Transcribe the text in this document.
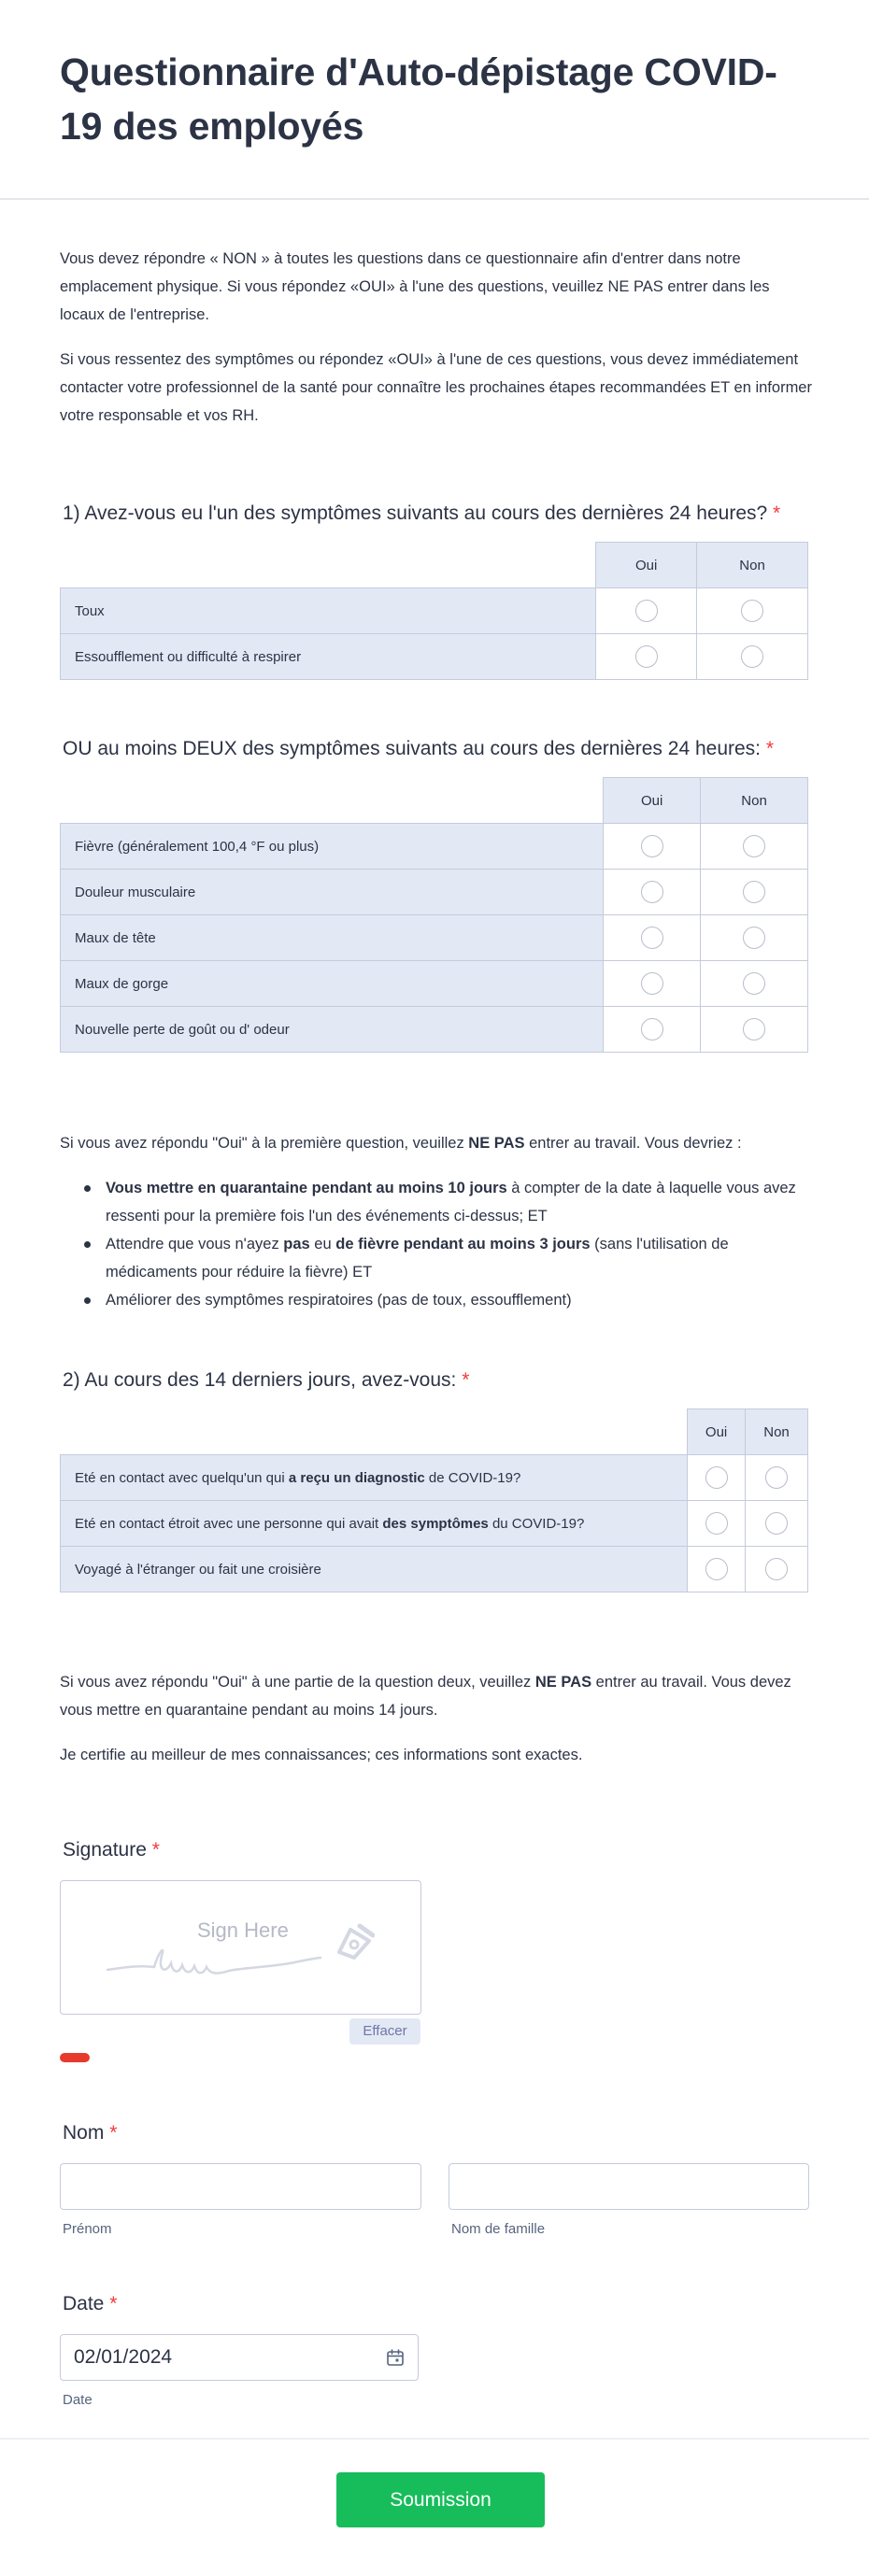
Questionnaire d'Auto-dépistage COVID-19 des employés

Vous devez répondre « NON » à toutes les questions dans ce questionnaire afin d'entrer dans notre emplacement physique. Si vous répondez «OUI» à l'une des questions, veuillez NE PAS entrer dans les locaux de l'entreprise.

Si vous ressentez des symptômes ou répondez «OUI» à l'une de ces questions, vous devez immédiatement contacter votre professionnel de la santé pour connaître les prochaines étapes recommandées ET en informer votre responsable et vos RH.

1) Avez-vous eu l'un des symptômes suivants au cours des dernières 24 heures? *
	Oui	Non
Toux		
Essoufflement ou difficulté à respirer		
OU au moins DEUX des symptômes suivants au cours des dernières 24 heures: *
	Oui	Non
Fièvre (généralement 100,4 °F ou plus)		
Douleur musculaire		
Maux de tête		
Maux de gorge		
Nouvelle perte de goût ou d' odeur		

Si vous avez répondu "Oui" à la première question, veuillez NE PAS entrer au travail. Vous devriez :

Vous mettre en quarantaine pendant au moins 10 jours à compter de la date à laquelle vous avez ressenti pour la première fois l'un des événements ci-dessus; ET
Attendre que vous n'ayez pas eu de fièvre pendant au moins 3 jours (sans l'utilisation de médicaments pour réduire la fièvre) ET
Améliorer des symptômes respiratoires (pas de toux, essoufflement)
2) Au cours des 14 derniers jours, avez-vous: *
	Oui	Non
Eté en contact avec quelqu'un qui a reçu un diagnostic de COVID-19?		
Eté en contact étroit avec une personne qui avait des symptômes du COVID-19?		
Voyagé à l'étranger ou fait une croisière		

Si vous avez répondu "Oui" à une partie de la question deux, veuillez NE PAS entrer au travail. Vous devez vous mettre en quarantaine pendant au moins 14 jours.

Je certifie au meilleur de mes connaissances; ces informations sont exactes.

Signature *
Sign Here
Effacer
Nom *
Prénom	Nom de famille
Date *
02/01/2024
Date
Soumission
